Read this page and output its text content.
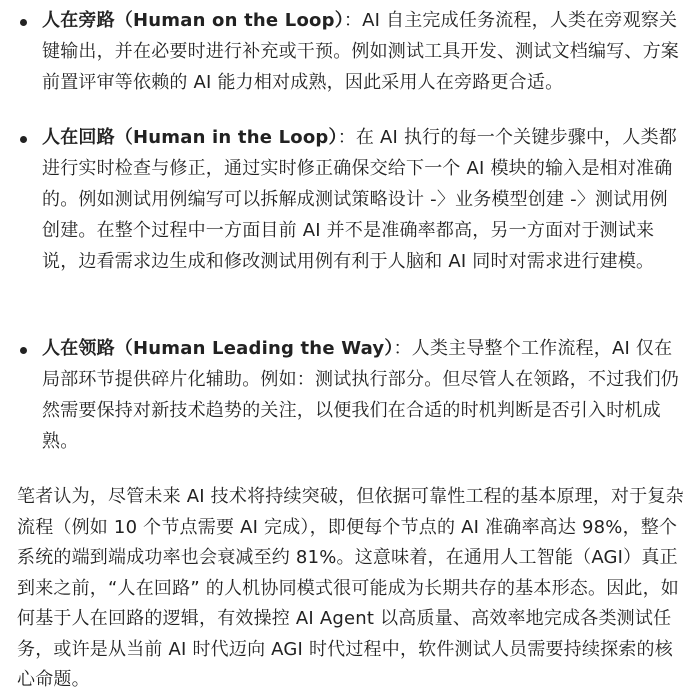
人在旁路（Human on the Loop）：AI 自主完成任务流程，人类在旁观察关键输出，并在必要时进行补充或干预。例如测试工具开发、测试文档编写、方案前置评审等依赖的 AI 能力相对成熟，因此采用人在旁路更合适。
人在回路（Human in the Loop）：在 AI 执行的每一个关键步骤中，人类都进行实时检查与修正，通过实时修正确保交给下一个 AI 模块的输入是相对准确的。例如测试用例编写可以拆解成测试策略设计 -〉业务模型创建 -〉测试用例创建。在整个过程中一方面目前 AI 并不是准确率都高，另一方面对于测试来说，边看需求边生成和修改测试用例有利于人脑和 AI 同时对需求进行建模。
人在领路（Human Leading the Way）：人类主导整个工作流程，AI 仅在局部环节提供碎片化辅助。例如：测试执行部分。但尽管人在领路，不过我们仍然需要保持对新技术趋势的关注，以便我们在合适的时机判断是否引入时机成熟。

笔者认为，尽管未来 AI 技术将持续突破，但依据可靠性工程的基本原理，对于复杂流程（例如 10 个节点需要 AI 完成），即便每个节点的 AI 准确率高达 98%，整个系统的端到端成功率也会衰减至约 81%。这意味着，在通用人工智能（AGI）真正到来之前，“人在回路” 的人机协同模式很可能成为长期共存的基本形态。因此，如何基于人在回路的逻辑，有效操控 AI Agent 以高质量、高效率地完成各类测试任务，或许是从当前 AI 时代迈向 AGI 时代过程中，软件测试人员需要持续探索的核心命题。
